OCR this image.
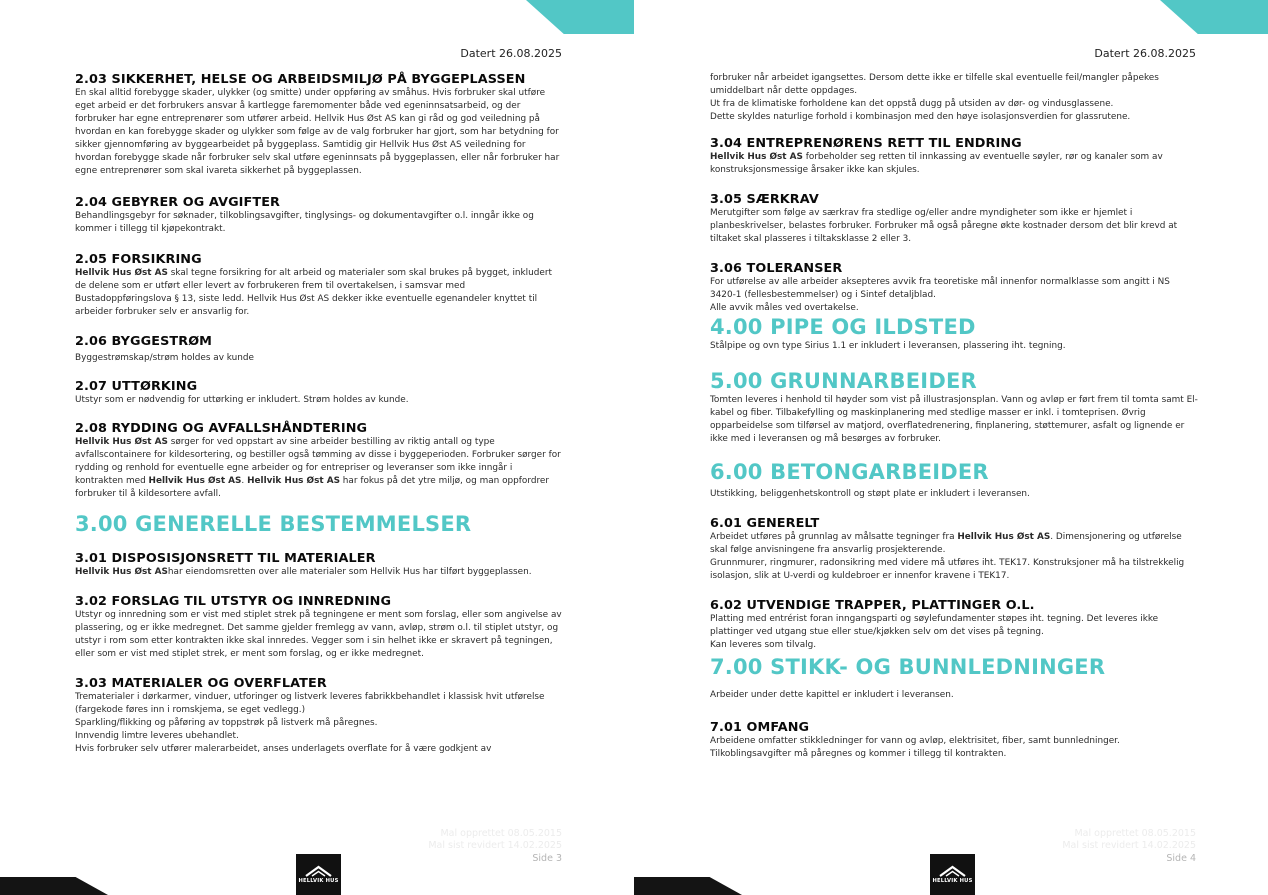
Datert 26.08.2025
2.03 SIKKERHET, HELSE OG ARBEIDSMILJØ PÅ BYGGEPLASSEN

En skal alltid forebygge skader, ulykker (og smitte) under oppføring av småhus. Hvis forbruker skal utføre eget arbeid er det forbrukers ansvar å kartlegge faremomenter både ved egeninnsatsarbeid, og der forbruker har egne entreprenører som utfører arbeid. Hellvik Hus Øst AS kan gi råd og god veiledning på hvordan en kan forebygge skader og ulykker som følge av de valg forbruker har gjort, som har betydning for sikker gjennomføring av byggearbeidet på byggeplass. Samtidig gir Hellvik Hus Øst AS veiledning for hvordan forebygge skade når forbruker selv skal utføre egeninnsats på byggeplassen, eller når forbruker har egne entreprenører som skal ivareta sikkerhet på byggeplassen.

2.04 GEBYRER OG AVGIFTER

Behandlingsgebyr for søknader, tilkoblingsavgifter, tinglysings- og dokumentavgifter o.l. inngår ikke og kommer i tillegg til kjøpekontrakt.

2.05 FORSIKRING

Hellvik Hus Øst AS skal tegne forsikring for alt arbeid og materialer som skal brukes på bygget, inkludert de delene som er utført eller levert av forbrukeren frem til overtakelsen, i samsvar med Bustadoppføringslova § 13, siste ledd. Hellvik Hus Øst AS dekker ikke eventuelle egenandeler knyttet til arbeider forbruker selv er ansvarlig for.

2.06 BYGGESTRØM

Byggestrømskap/strøm holdes av kunde

2.07 UTTØRKING

Utstyr som er nødvendig for uttørking er inkludert. Strøm holdes av kunde.

2.08 RYDDING OG AVFALLSHÅNDTERING

Hellvik Hus Øst AS sørger for ved oppstart av sine arbeider bestilling av riktig antall og type avfallscontainere for kildesortering, og bestiller også tømming av disse i byggeperioden. Forbruker sørger for rydding og renhold for eventuelle egne arbeider og for entrepriser og leveranser som ikke inngår i kontrakten med Hellvik Hus Øst AS. Hellvik Hus Øst AS har fokus på det ytre miljø, og man oppfordrer forbruker til å kildesortere avfall.

3.00 GENERELLE BESTEMMELSER
3.01 DISPOSISJONSRETT TIL MATERIALER

Hellvik Hus Øst AShar eiendomsretten over alle materialer som Hellvik Hus har tilført byggeplassen.

3.02 FORSLAG TIL UTSTYR OG INNREDNING

Utstyr og innredning som er vist med stiplet strek på tegningene er ment som forslag, eller som angivelse av plassering, og er ikke medregnet. Det samme gjelder fremlegg av vann, avløp, strøm o.l. til stiplet utstyr, og utstyr i rom som etter kontrakten ikke skal innredes. Vegger som i sin helhet ikke er skravert på tegningen, eller som er vist med stiplet strek, er ment som forslag, og er ikke medregnet.

3.03 MATERIALER OG OVERFLATER

Trematerialer i dørkarmer, vinduer, utforinger og listverk leveres fabrikkbehandlet i klassisk hvit utførelse (fargekode føres inn i romskjema, se eget vedlegg.)

Sparkling/flikking og påføring av toppstrøk på listverk må påregnes.

Innvendig limtre leveres ubehandlet.

Hvis forbruker selv utfører malerarbeidet, anses underlagets overflate for å være godkjent av

Mal opprettet 08.05.2015
Mal sist revidert 14.02.2025
Side 3
HELLVIK HUS
Datert 26.08.2025

forbruker når arbeidet igangsettes. Dersom dette ikke er tilfelle skal eventuelle feil/mangler påpekes umiddelbart når dette oppdages.

Ut fra de klimatiske forholdene kan det oppstå dugg på utsiden av dør- og vindusglassene.

Dette skyldes naturlige forhold i kombinasjon med den høye isolasjonsverdien for glassrutene.

3.04 ENTREPRENØRENS RETT TIL ENDRING

Hellvik Hus Øst AS forbeholder seg retten til innkassing av eventuelle søyler, rør og kanaler som av konstruksjonsmessige årsaker ikke kan skjules.

3.05 SÆRKRAV

Merutgifter som følge av særkrav fra stedlige og/eller andre myndigheter som ikke er hjemlet i planbeskrivelser, belastes forbruker. Forbruker må også påregne økte kostnader dersom det blir krevd at tiltaket skal plasseres i tiltaksklasse 2 eller 3.

3.06 TOLERANSER

For utførelse av alle arbeider aksepteres avvik fra teoretiske mål innenfor normalklasse som angitt i NS 3420-1 (fellesbestemmelser) og i Sintef detaljblad.

Alle avvik måles ved overtakelse.

4.00 PIPE OG ILDSTED

Stålpipe og ovn type Sirius 1.1 er inkludert i leveransen, plassering iht. tegning.

5.00 GRUNNARBEIDER

Tomten leveres i henhold til høyder som vist på illustrasjonsplan. Vann og avløp er ført frem til tomta samt El-kabel og fiber. Tilbakefylling og maskinplanering med stedlige masser er inkl. i tomteprisen. Øvrig opparbeidelse som tilførsel av matjord, overflatedrenering, finplanering, støttemurer, asfalt og lignende er ikke med i leveransen og må besørges av forbruker.

6.00 BETONGARBEIDER

Utstikking, beliggenhetskontroll og støpt plate er inkludert i leveransen.

6.01 GENERELT

Arbeidet utføres på grunnlag av målsatte tegninger fra Hellvik Hus Øst AS. Dimensjonering og utførelse skal følge anvisningene fra ansvarlig prosjekterende.

Grunnmurer, ringmurer, radonsikring med videre må utføres iht. TEK17. Konstruksjoner må ha tilstrekkelig isolasjon, slik at U-verdi og kuldebroer er innenfor kravene i TEK17.

6.02 UTVENDIGE TRAPPER, PLATTINGER O.L.

Platting med entrérist foran inngangsparti og søylefundamenter støpes iht. tegning. Det leveres ikke plattinger ved utgang stue eller stue/kjøkken selv om det vises på tegning.

Kan leveres som tilvalg.

7.00 STIKK- OG BUNNLEDNINGER

Arbeider under dette kapittel er inkludert i leveransen.

7.01 OMFANG

Arbeidene omfatter stikkledninger for vann og avløp, elektrisitet, fiber, samt bunnledninger.

Tilkoblingsavgifter må påregnes og kommer i tillegg til kontrakten.

Mal opprettet 08.05.2015
Mal sist revidert 14.02.2025
Side 4
HELLVIK HUS
